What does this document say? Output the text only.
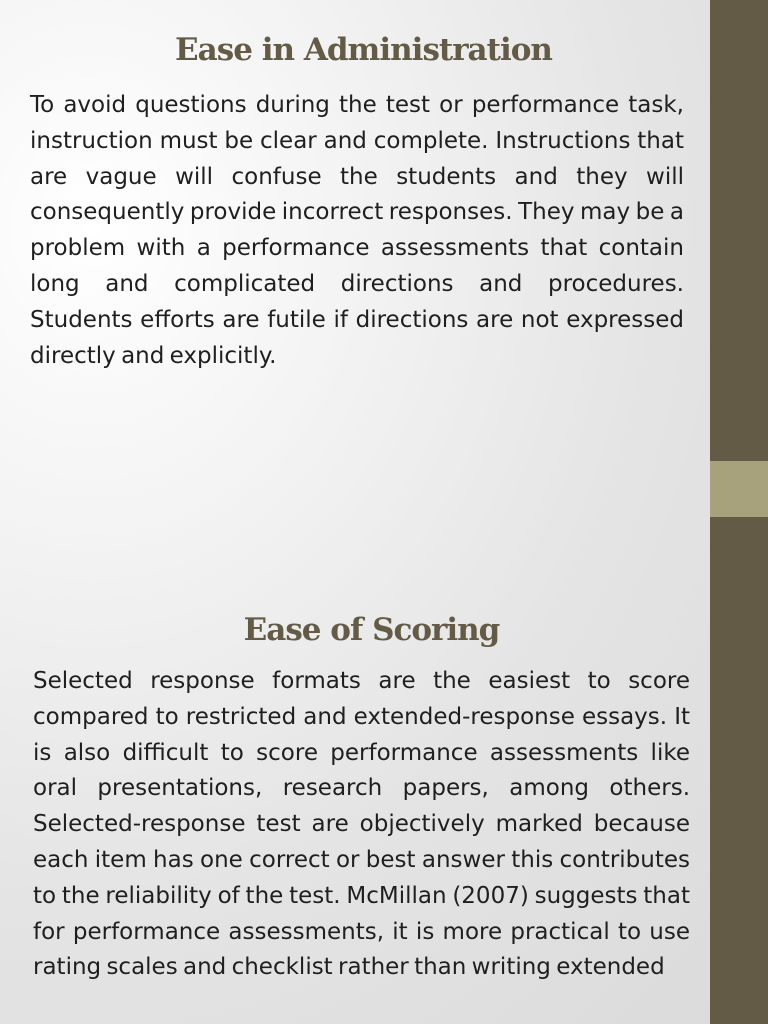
Ease in Administration

To avoid questions during the test or performance task, instruction must be clear and complete. Instructions that are vague will confuse the students and they will consequently provide incorrect responses. They may be a problem with a performance assessments that contain long and complicated directions and procedures. Students efforts are futile if directions are not expressed directly and explicitly.

Ease of Scoring

Selected response formats are the easiest to score compared to restricted and extended-response essays. It is also difficult to score performance assessments like oral presentations, research papers, among others. Selected-response test are objectively marked because each item has one correct or best answer this contributes to the reliability of the test. McMillan (2007) suggests that for performance assessments, it is more practical to use rating scales and checklist rather than writing extended
